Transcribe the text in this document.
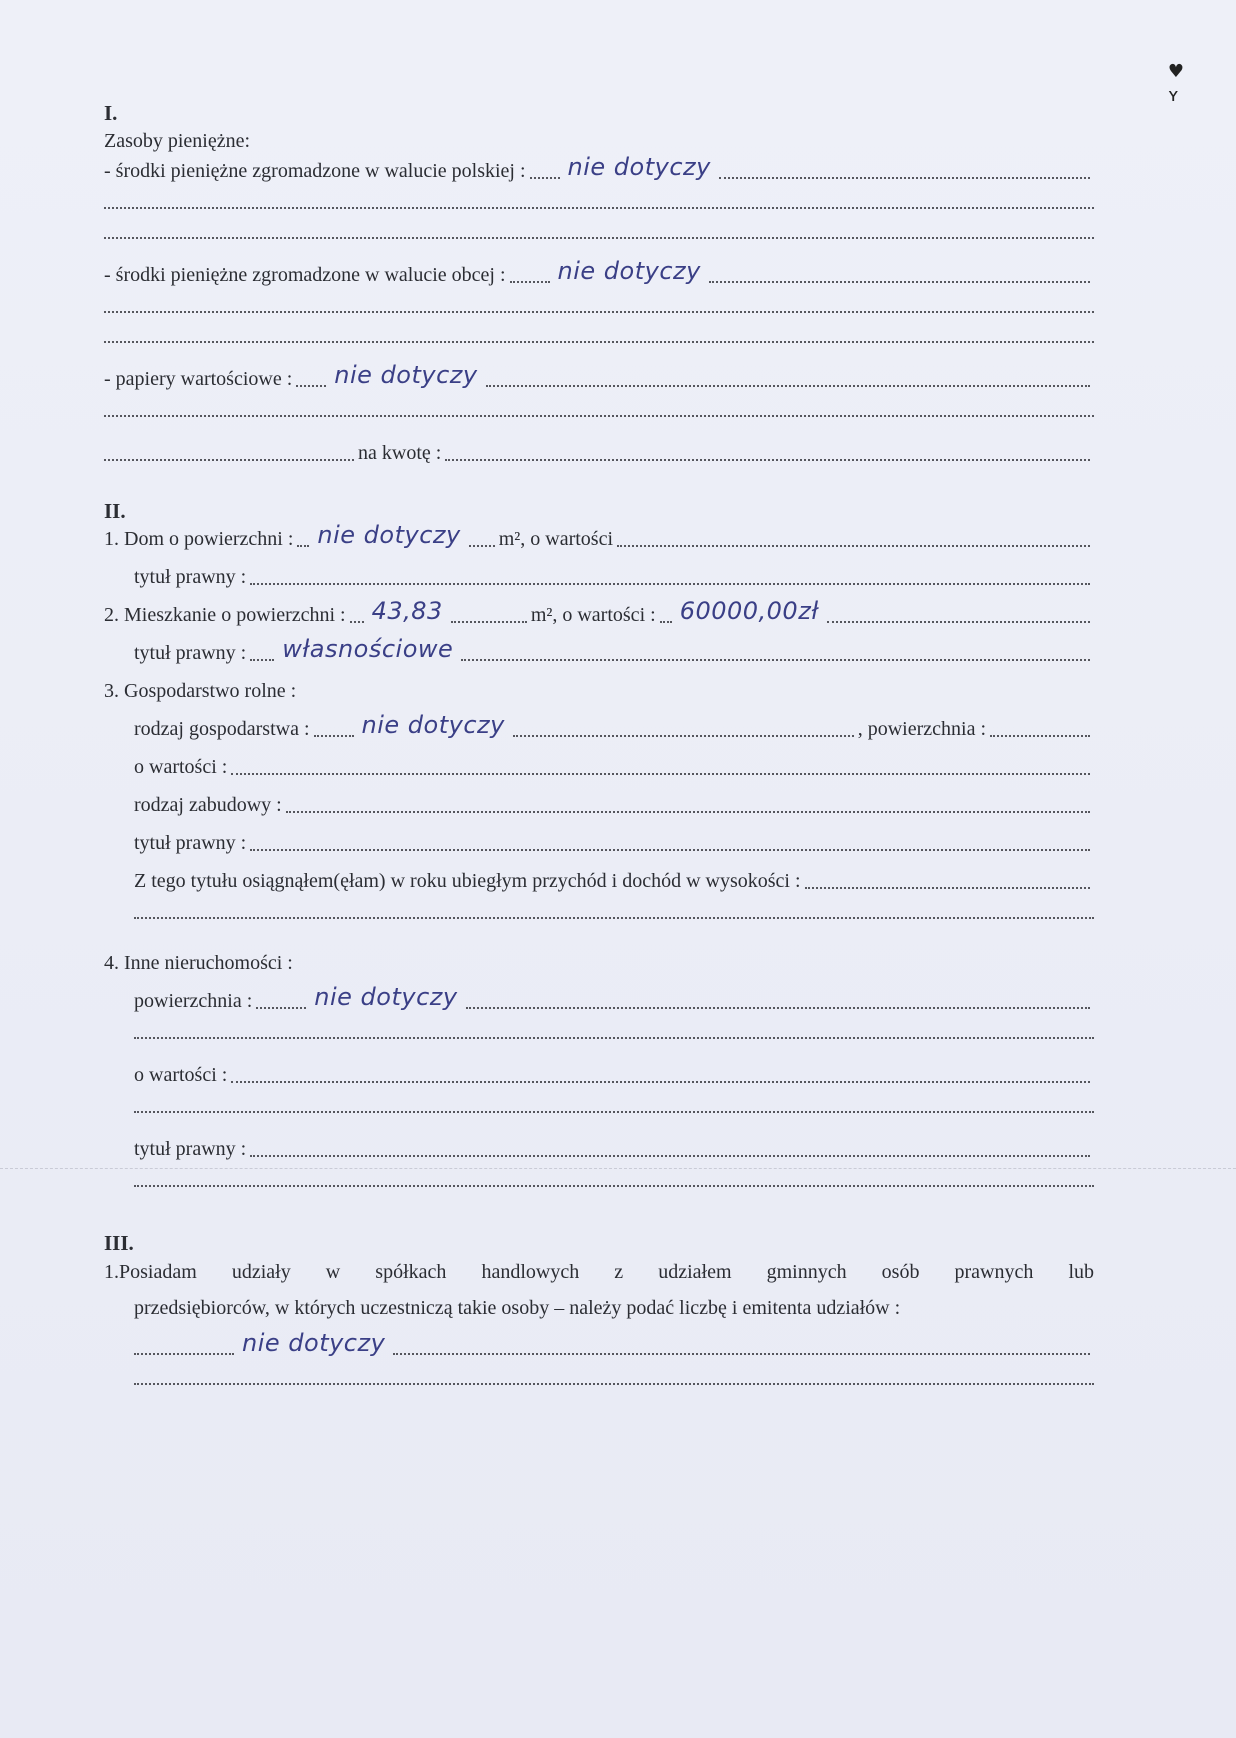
♥
ʏ
I.
Zasoby pieniężne:
- środki pieniężne zgromadzone w walucie polskiej : nie dotyczy
- środki pieniężne zgromadzone w walucie obcej : nie dotyczy
- papiery wartościowe : nie dotyczy
na kwotę :
II.
1. Dom o powierzchni : nie dotyczy m², o wartości
tytuł prawny :
2. Mieszkanie o powierzchni : 43,83	m², o wartości : 60000,00zł
tytuł prawny : własnościowe
3. Gospodarstwo rolne :
rodzaj gospodarstwa : nie dotyczy	, powierzchnia :
o wartości :
rodzaj zabudowy :
tytuł prawny :
Z tego tytułu osiągnąłem(ęłam) w roku ubiegłym przychód i dochód w wysokości :
4. Inne nieruchomości :
powierzchnia :	nie dotyczy
o wartości :
tytuł prawny :
III.
1.Posiadam udziały w spółkach handlowych z udziałem gminnych osób prawnych lub
przedsiębiorców, w których uczestniczą takie osoby – należy podać liczbę i emitenta udziałów :
nie dotyczy
